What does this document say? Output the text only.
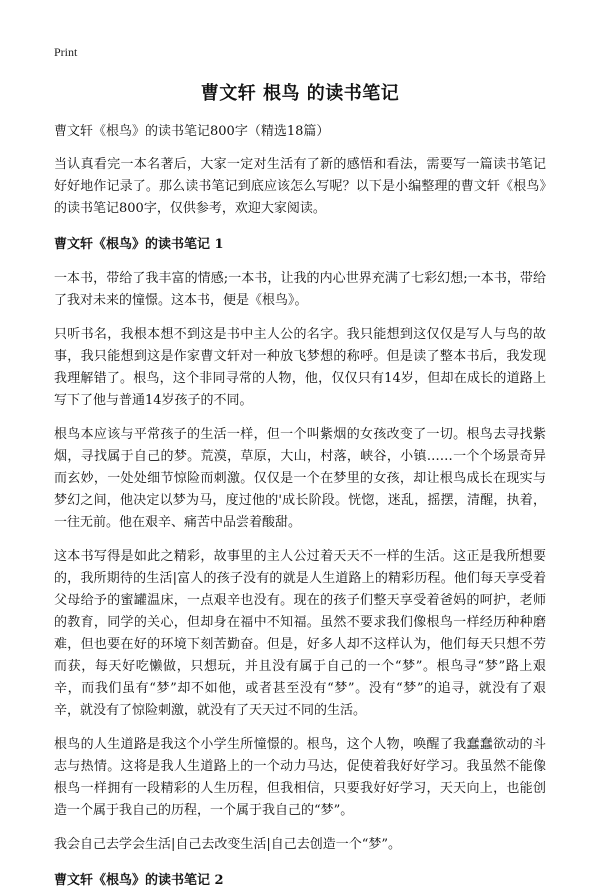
Print
曹文轩 根鸟 的读书笔记
曹文轩《根鸟》的读书笔记800字（精选18篇）

当认真看完一本名著后，大家一定对生活有了新的感悟和看法，需要写一篇读书笔记好好地作记录了。那么读书笔记到底应该怎么写呢？以下是小编整理的曹文轩《根鸟》的读书笔记800字，仅供参考，欢迎大家阅读。

曹文轩《根鸟》的读书笔记 1

一本书，带给了我丰富的情感;一本书，让我的内心世界充满了七彩幻想;一本书，带给了我对未来的憧憬。这本书，便是《根鸟》。

只听书名，我根本想不到这是书中主人公的名字。我只能想到这仅仅是写人与鸟的故事，我只能想到这是作家曹文轩对一种放飞梦想的称呼。但是读了整本书后，我发现我理解错了。根鸟，这个非同寻常的人物，他，仅仅只有14岁，但却在成长的道路上写下了他与普通14岁孩子的不同。

根鸟本应该与平常孩子的生活一样，但一个叫紫烟的女孩改变了一切。根鸟去寻找紫烟，寻找属于自己的梦。荒漠，草原，大山，村落，峡谷，小镇……一个个场景奇异而玄妙，一处处细节惊险而刺激。仅仅是一个在梦里的女孩，却让根鸟成长在现实与梦幻之间，他决定以梦为马，度过他的'成长阶段。恍惚，迷乱，摇摆，清醒，执着，一往无前。他在艰辛、痛苦中品尝着酸甜。

这本书写得是如此之精彩，故事里的主人公过着天天不一样的生活。这正是我所想要的，我所期待的生活|富人的孩子没有的就是人生道路上的精彩历程。他们每天享受着父母给予的蜜罐温床，一点艰辛也没有。现在的孩子们整天享受着爸妈的呵护，老师的教育，同学的关心，但却身在福中不知福。虽然不要求我们像根鸟一样经历种种磨难，但也要在好的环境下刻苦勤奋。但是，好多人却不这样认为，他们每天只想不劳而获，每天好吃懒做，只想玩，并且没有属于自己的一个“梦”。根鸟寻“梦”路上艰辛，而我们虽有“梦”却不如他，或者甚至没有“梦”。没有“梦”的追寻，就没有了艰辛，就没有了惊险刺激，就没有了天天过不同的生活。

根鸟的人生道路是我这个小学生所憧憬的。根鸟，这个人物，唤醒了我蠢蠢欲动的斗志与热情。这将是我人生道路上的一个动力马达，促使着我好好学习。我虽然不能像根鸟一样拥有一段精彩的人生历程，但我相信，只要我好好学习，天天向上，也能创造一个属于我自己的历程，一个属于我自己的“梦”。

我会自己去学会生活|自己去改变生活|自己去创造一个“梦”。

曹文轩《根鸟》的读书笔记 2
